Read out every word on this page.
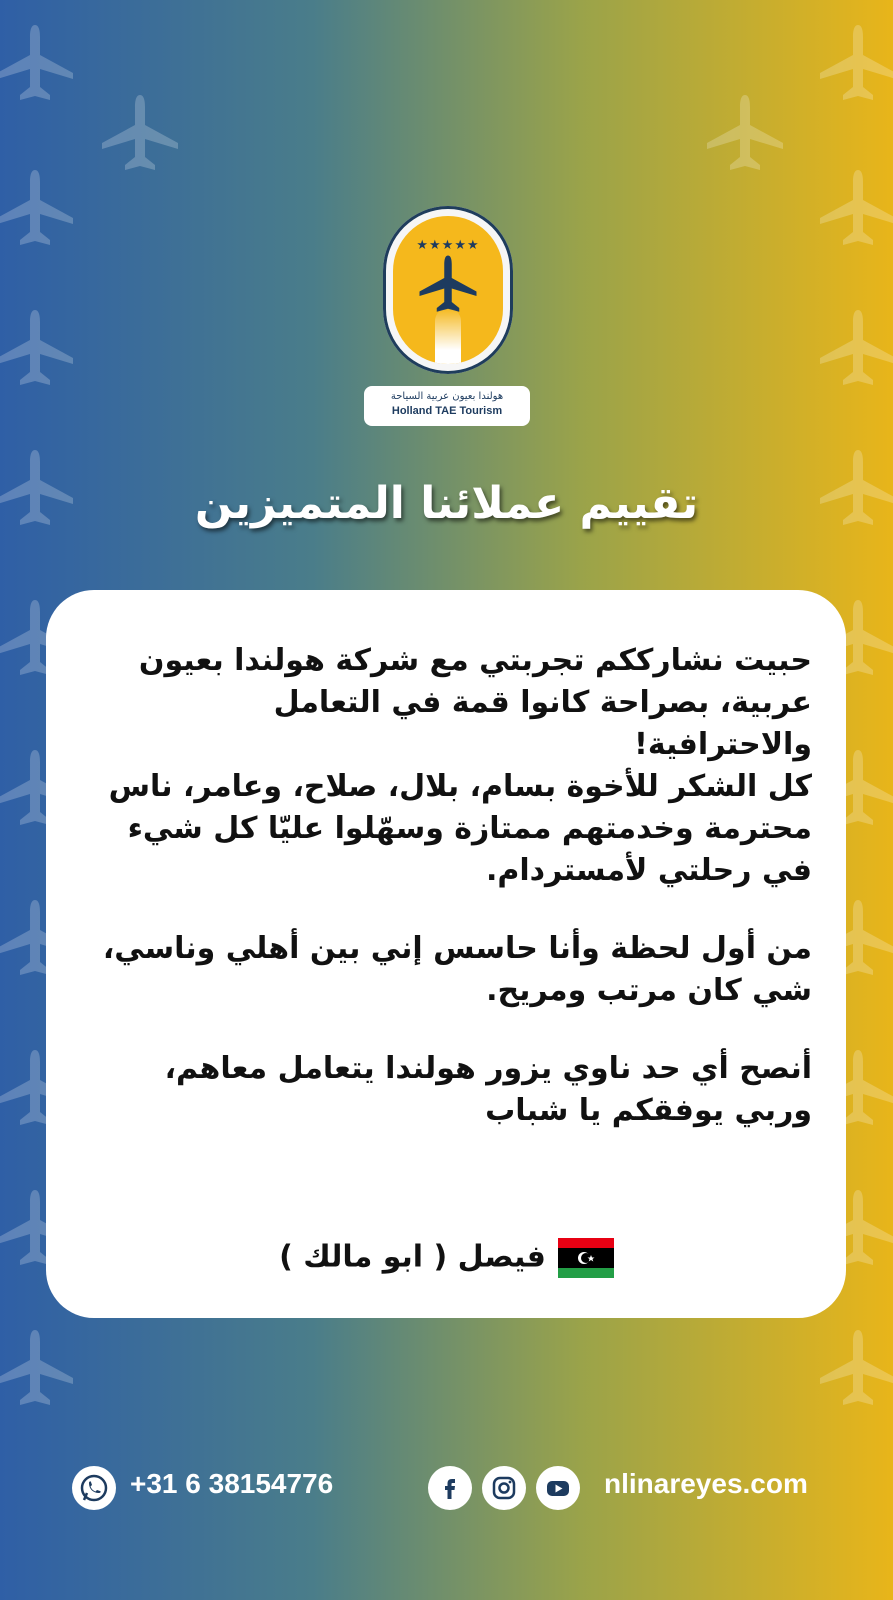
★★★★★
هولندا بعيون عربية السياحة
Holland TAE Tourism
تقييم عملائنا المتميزين

حبيت نشارككم تجربتي مع شركة هولندا بعيون عربية، بصراحة كانوا قمة في التعامل والاحترافية!

كل الشكر للأخوة بسام، بلال، صلاح، وعامر، ناس محترمة وخدمتهم ممتازة وسهّلوا عليّا كل شيء في رحلتي لأمستردام.

من أول لحظة وأنا حاسس إني بين أهلي وناسي، شي كان مرتب ومريح.

أنصح أي حد ناوي يزور هولندا يتعامل معاهم، وربي يوفقكم يا شباب

فيصل ( ابو مالك )
+31 6 38154776	nlinareyes.com
